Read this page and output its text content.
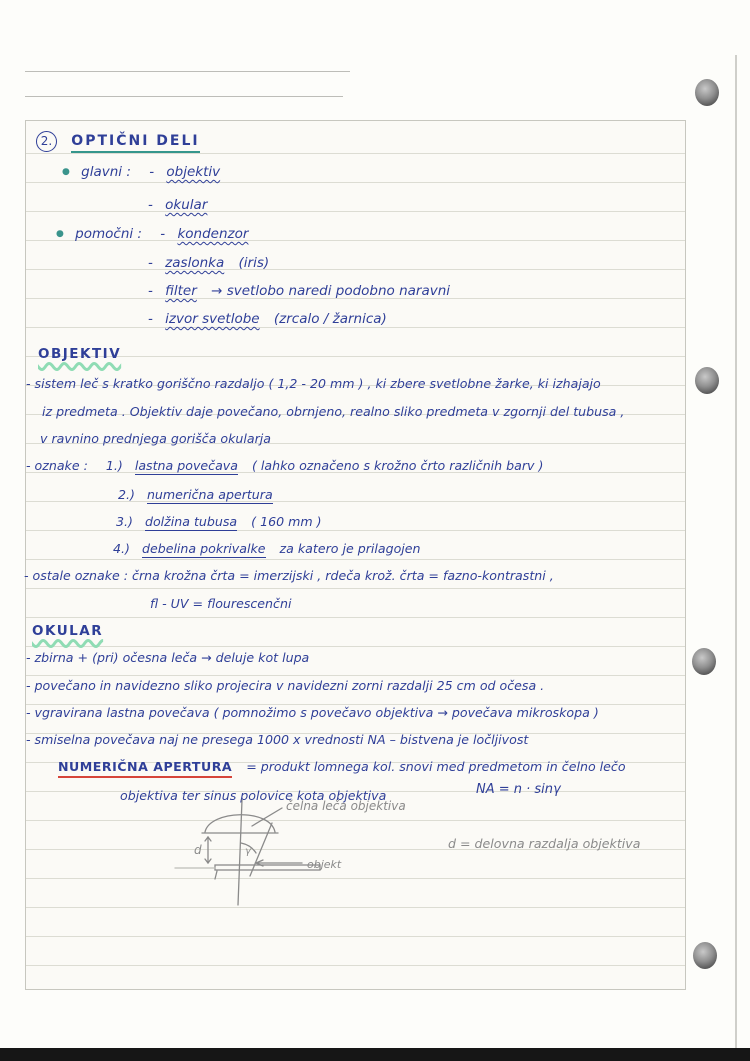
2. OPTIČNI DELI
● glavni : - objektiv
- okular
● pomočni : - kondenzor
- zaslonka (iris)
- filter → svetlobo naredi podobno naravni
- izvor svetlobe (zrcalo / žarnica)
OBJEKTIV
- sistem leč s kratko goriščno razdaljo ( 1,2 - 20 mm ) , ki zbere svetlobne žarke, ki izhajajo
iz predmeta . Objektiv daje povečano, obrnjeno, realno sliko predmeta v zgornji del tubusa ,
v ravnino prednjega gorišča okularja
- oznake : 1.) lastna povečava ( lahko označeno s krožno črto različnih barv )
2.) numerična apertura
3.) dolžina tubusa ( 160 mm )
4.) debelina pokrivalke za katero je prilagojen
- ostale oznake : črna krožna črta = imerzijski , rdeča krož. črta = fazno-kontrastni ,
fl - UV = flourescenčni
OKULAR
- zbirna + (pri) očesna leča → deluje kot lupa
- povečano in navidezno sliko projecira v navidezni zorni razdalji 25 cm od očesa .
- vgravirana lastna povečava ( pomnožimo s povečavo objektiva → povečava mikroskopa )
- smiselna povečava naj ne presega 1000 x vrednosti NA – bistvena je ločljivost
NUMERIČNA APERTURA = produkt lomnega kol. snovi med predmetom in čelno lečo
objektiva ter sinus polovice kota objektiva	NA = n · sinγ
čelna leča objektiva
d	γ
objekt
d = delovna razdalja objektiva
